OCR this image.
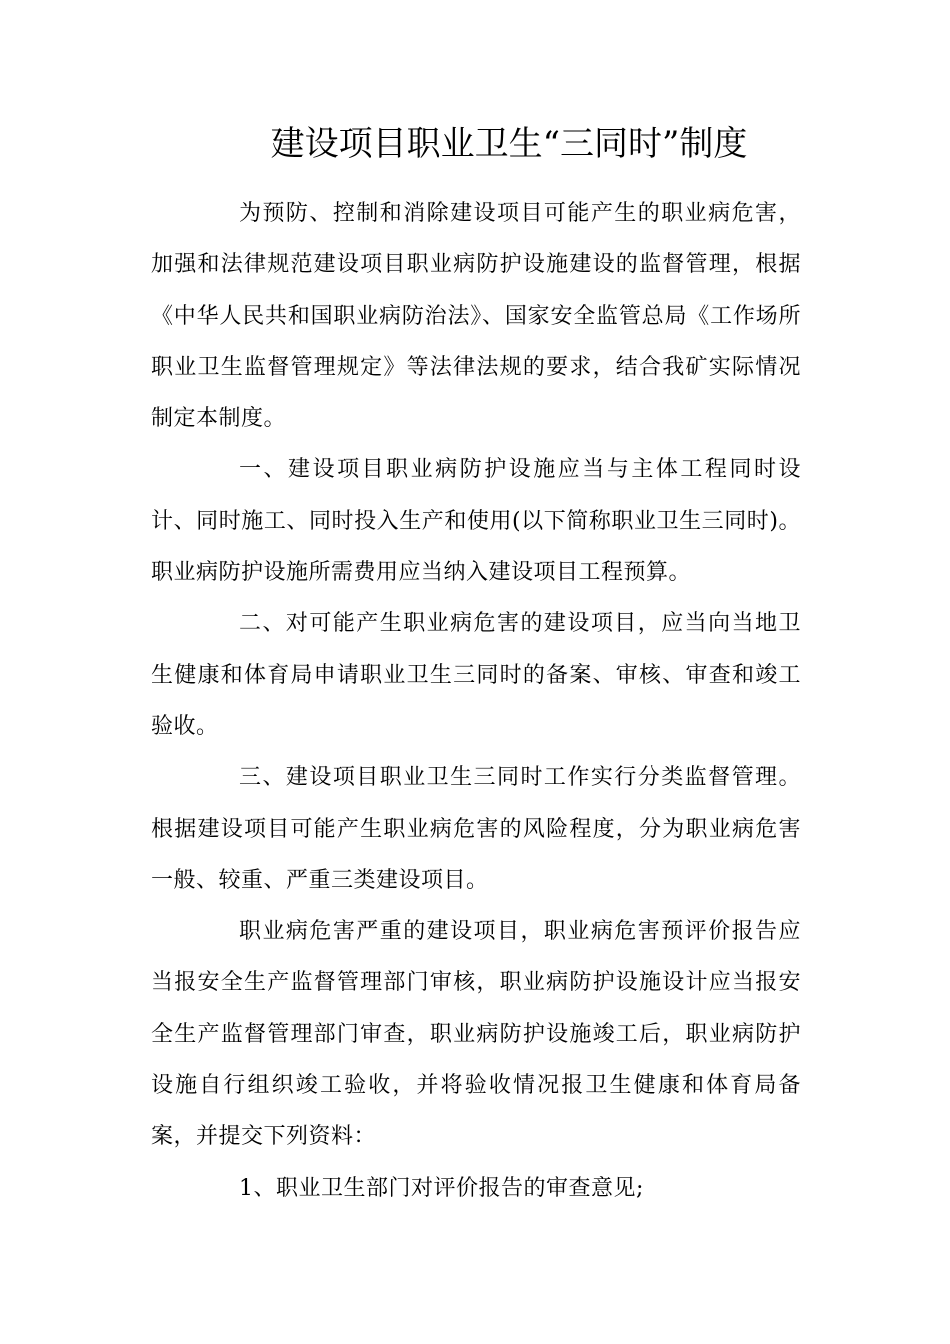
建设项目职业卫生“三同时”制度

为预防、控制和消除建设项目可能产生的职业病危害，加强和法律规范建设项目职业病防护设施建设的监督管理，根据《中华人民共和国职业病防治法》、国家安全监管总局《工作场所职业卫生监督管理规定》等法律法规的要求，结合我矿实际情况制定本制度。

一、建设项目职业病防护设施应当与主体工程同时设计、同时施工、同时投入生产和使用(以下简称职业卫生三同时)。职业病防护设施所需费用应当纳入建设项目工程预算。

二、对可能产生职业病危害的建设项目，应当向当地卫生健康和体育局申请职业卫生三同时的备案、审核、审查和竣工验收。

三、建设项目职业卫生三同时工作实行分类监督管理。根据建设项目可能产生职业病危害的风险程度，分为职业病危害一般、较重、严重三类建设项目。

职业病危害严重的建设项目，职业病危害预评价报告应当报安全生产监督管理部门审核，职业病防护设施设计应当报安全生产监督管理部门审查，职业病防护设施竣工后，职业病防护设施自行组织竣工验收，并将验收情况报卫生健康和体育局备案，并提交下列资料：

1、职业卫生部门对评价报告的审查意见;
